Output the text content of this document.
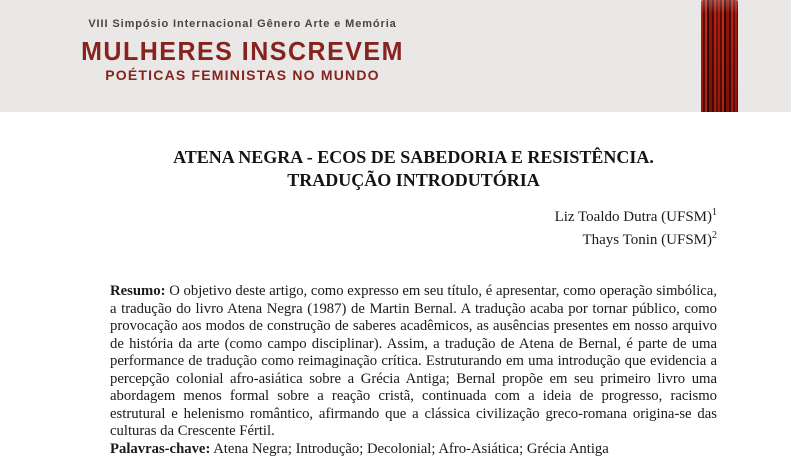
VIII Simpósio Internacional Gênero Arte e Memória

MULHERES INSCREVEM

POÉTICAS FEMINISTAS NO MUNDO

ATENA NEGRA - ECOS DE SABEDORIA E RESISTÊNCIA.
TRADUÇÃO INTRODUTÓRIA
Liz Toaldo Dutra (UFSM)$^1$
Thays Tonin (UFSM)$^2$

Resumo: O objetivo deste artigo, como expresso em seu título, é apresentar, como operação simbólica, a tradução do livro Atena Negra (1987) de Martin Bernal. A tradução acaba por tornar público, como provocação aos modos de construção de saberes acadêmicos, as ausências presentes em nosso arquivo de história da arte (como campo disciplinar). Assim, a tradução de Atena de Bernal, é parte de uma performance de tradução como reimaginação crítica. Estruturando em uma introdução que evidencia a percepção colonial afro-asiática sobre a Grécia Antiga; Bernal propõe em seu primeiro livro uma abordagem menos formal sobre a reação cristã, continuada com a ideia de progresso, racismo estrutural e helenismo romântico, afirmando que a clássica civilização greco-romana origina-se das culturas da Crescente Fértil.

Palavras-chave: Atena Negra; Introdução; Decolonial; Afro-Asiática; Grécia Antiga
